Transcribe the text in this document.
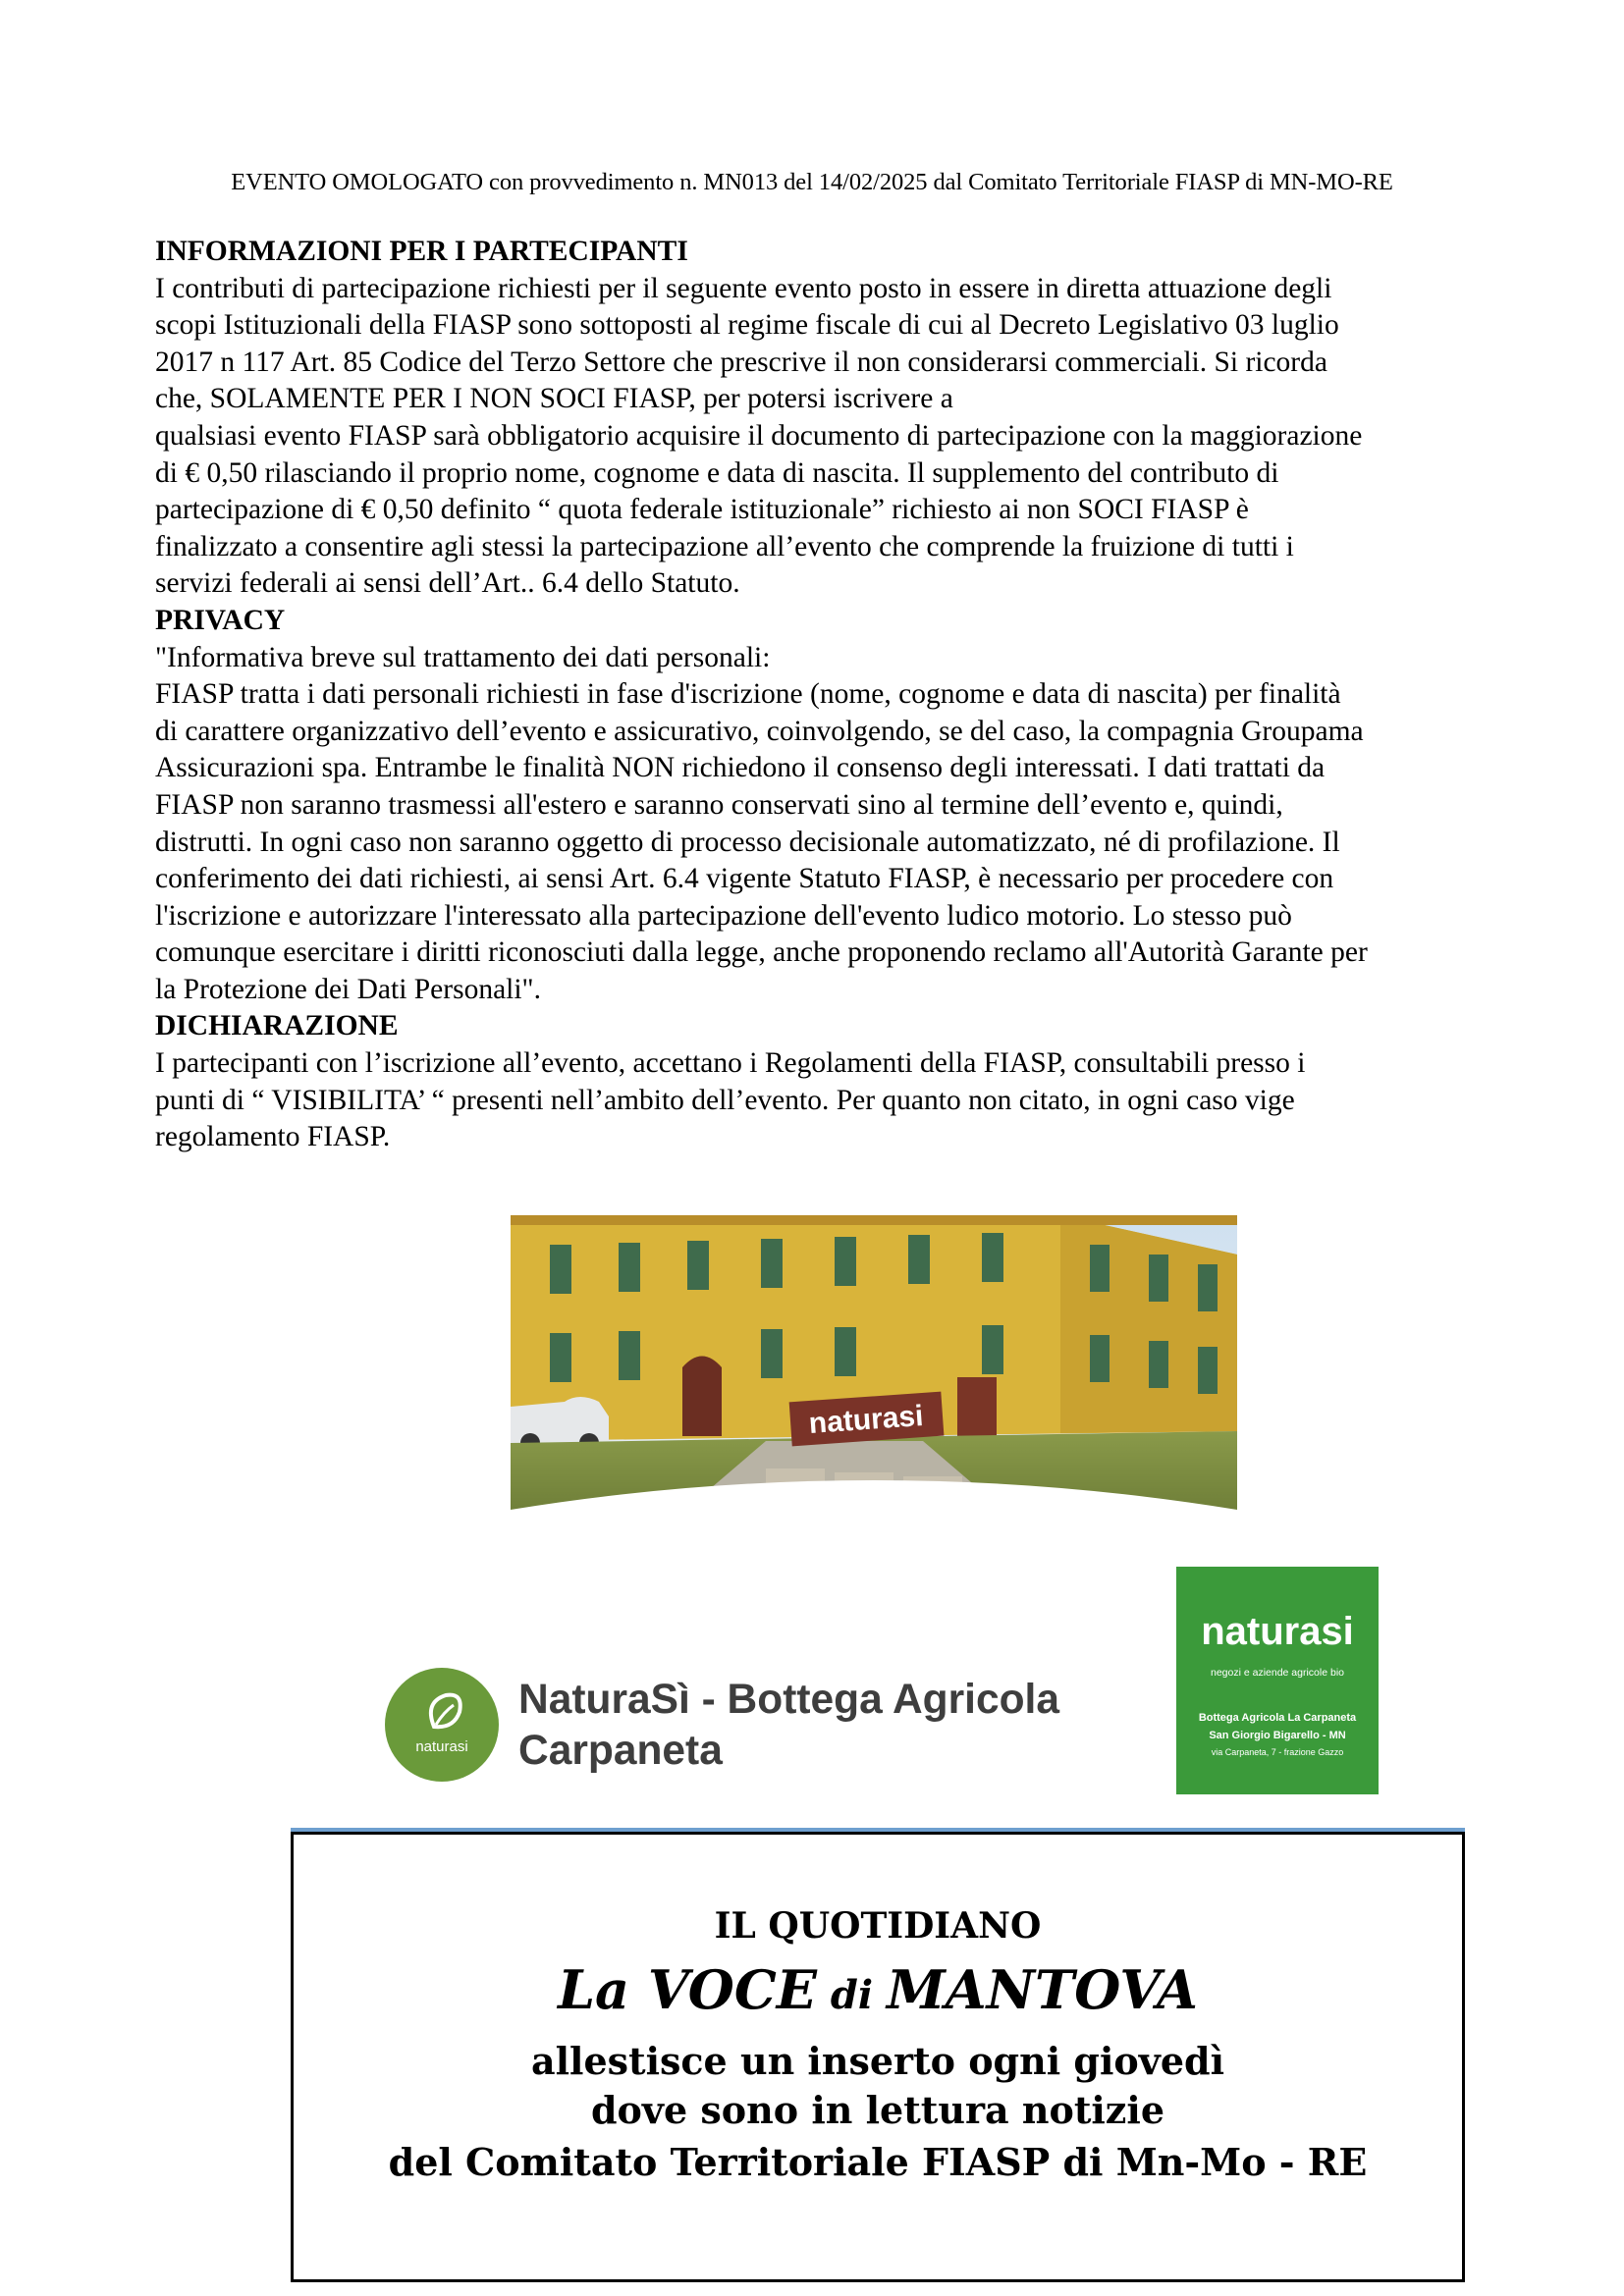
EVENTO OMOLOGATO con provvedimento n. MN013 del 14/02/2025 dal Comitato Territoriale FIASP di MN-MO-RE
INFORMAZIONI PER I PARTECIPANTI
I contributi di partecipazione richiesti per il seguente evento posto in essere in diretta attuazione degli
scopi Istituzionali della FIASP sono sottoposti al regime fiscale di cui al Decreto Legislativo 03 luglio
2017 n 117 Art. 85 Codice del Terzo Settore che prescrive il non considerarsi commerciali. Si ricorda
che, SOLAMENTE PER I NON SOCI FIASP, per potersi iscrivere a
qualsiasi evento FIASP sarà obbligatorio acquisire il documento di partecipazione con la maggiorazione
di € 0,50 rilasciando il proprio nome, cognome e data di nascita. Il supplemento del contributo di
partecipazione di € 0,50 definito “ quota federale istituzionale” richiesto ai non SOCI FIASP è
finalizzato a consentire agli stessi la partecipazione all’evento che comprende la fruizione di tutti i
servizi federali ai sensi dell’Art.. 6.4 dello Statuto.
PRIVACY
"Informativa breve sul trattamento dei dati personali:
FIASP tratta i dati personali richiesti in fase d'iscrizione (nome, cognome e data di nascita) per finalità
di carattere organizzativo dell’evento e assicurativo, coinvolgendo, se del caso, la compagnia Groupama
Assicurazioni spa. Entrambe le finalità NON richiedono il consenso degli interessati. I dati trattati da
FIASP non saranno trasmessi all'estero e saranno conservati sino al termine dell’evento e, quindi,
distrutti. In ogni caso non saranno oggetto di processo decisionale automatizzato, né di profilazione. Il
conferimento dei dati richiesti, ai sensi Art. 6.4 vigente Statuto FIASP, è necessario per procedere con
l'iscrizione e autorizzare l'interessato alla partecipazione dell'evento ludico motorio. Lo stesso può
comunque esercitare i diritti riconosciuti dalla legge, anche proponendo reclamo all'Autorità Garante per
la Protezione dei Dati Personali".
DICHIARAZIONE
I partecipanti con l’iscrizione all’evento, accettano i Regolamenti della FIASP, consultabili presso i
punti di “ VISIBILITA’ “ presenti nell’ambito dell’evento. Per quanto non citato, in ogni caso vige
regolamento FIASP.
naturasi
naturasi
NaturaSì - Bottega Agricola
Carpaneta
naturasi
negozi e aziende agricole bio
Bottega Agricola La Carpaneta
San Giorgio Bigarello - MN
via Carpaneta, 7 - frazione Gazzo
IL QUOTIDIANO
La VOCE di MANTOVA
allestisce un inserto ogni giovedì
dove sono in lettura notizie
del Comitato Territoriale FIASP di Mn-Mo - RE
